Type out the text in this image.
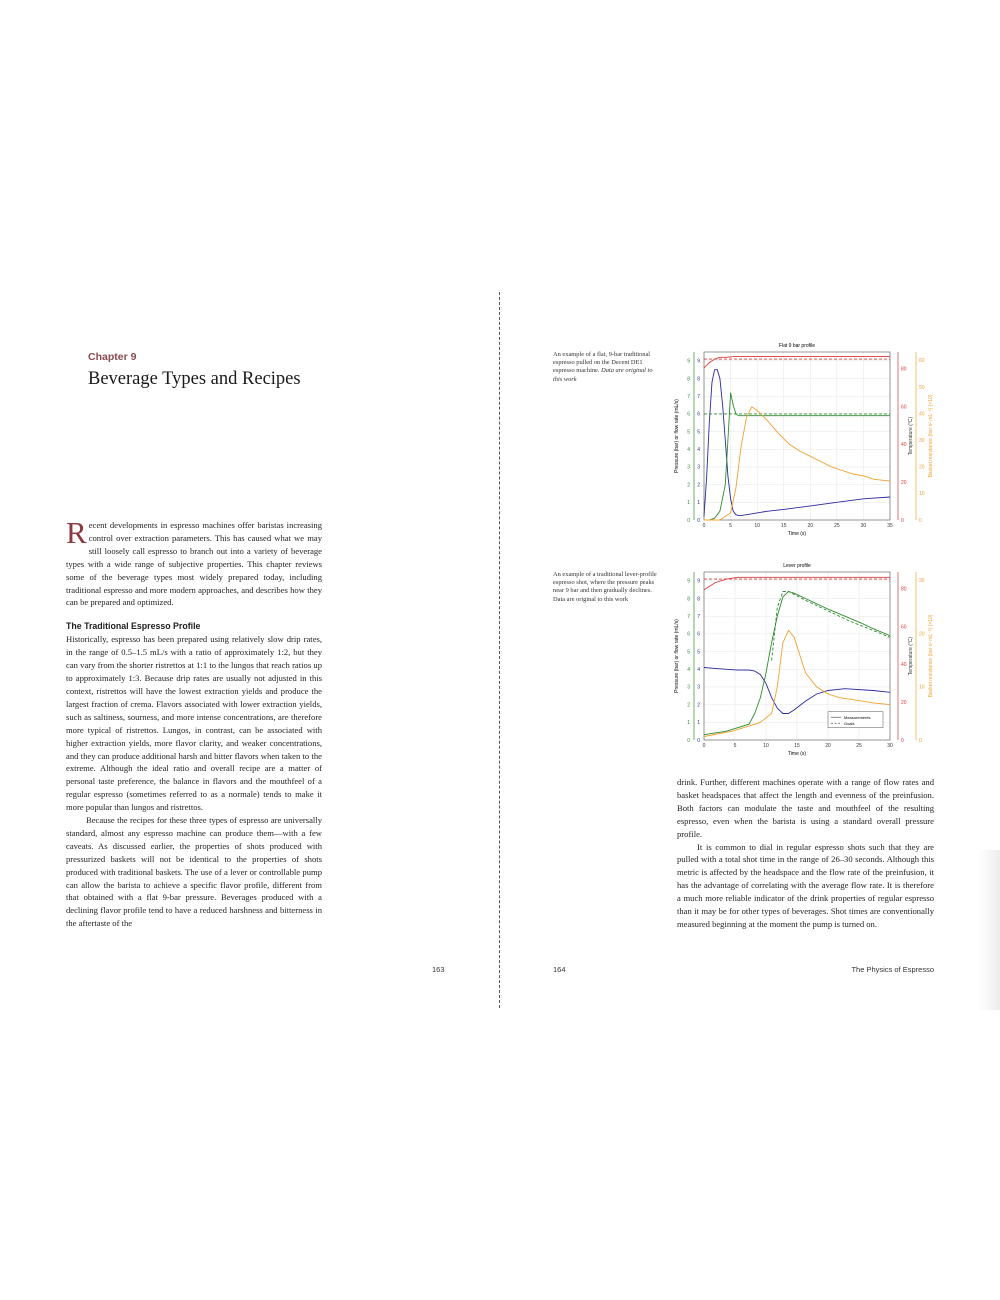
Chapter 9
Beverage Types and Recipes

Recent developments in espresso machines offer baristas increasing control over extraction parameters. This has caused what we may still loosely call espresso to branch out into a variety of beverage types with a wide range of subjective properties. This chapter reviews some of the beverage types most widely prepared today, including traditional espresso and more modern approaches, and describes how they can be prepared and optimized.

The Traditional Espresso Profile

Historically, espresso has been prepared using relatively slow drip rates, in the range of 0.5–1.5 mL/s with a ratio of approximately 1:2, but they can vary from the shorter ristrettos at 1:1 to the lungos that reach ratios up to approximately 1:3. Because drip rates are usually not adjusted in this context, ristrettos will have the lowest extraction yields and produce the largest fraction of crema. Flavors associated with lower extraction yields, such as saltiness, sourness, and more intense concentrations, are therefore more typical of ristrettos. Lungos, in contrast, can be associated with higher extraction yields, more flavor clarity, and weaker concentrations, and they can produce additional harsh and bitter flavors when taken to the extreme. Although the ideal ratio and overall recipe are a matter of personal taste preference, the balance in flavors and the mouthfeel of a regular espresso (sometimes referred to as a normale) tends to make it more popular than lungos and ristrettos.

Because the recipes for these three types of espresso are universally standard, almost any espresso machine can produce them—with a few caveats. As discussed earlier, the properties of shots produced with pressurized baskets will not be identical to the properties of shots produced with traditional baskets. The use of a lever or controllable pump can allow the barista to achieve a specific flavor profile, different from that obtained with a flat 9-bar pressure. Beverages produced with a declining flavor profile tend to have a reduced harshness and bitterness in the aftertaste of the

163
An example of a flat, 9-bar traditional espresso pulled on the Decent DE1 espresso machine. Data are original to this work
An example of a traditional lever-profile espresso shot, where the pressure peaks near 9 bar and then gradually declines. Data are original to this work
Flat 9 bar profile
0	5	10	15	20	25	30	35
0
0
1
1
2
2
3
3
4
4
5
5
6
6
7
7
8
8
9
9
0
20
40
60
80
0
10
20
30
40
50
60
Time (s)
Pressure (bar) or flow rate (mL/s)	Temperature (°C)	Basket resistance (bar s² mL⁻²) (×10)
Lever profile
0	5	10	15	20	25	30
0
0
1
1
2
2
3
3
4
4
5
5
6
6
7
7
8
8
9
9
0
20
40
60
80
0
10
20
30
Time (s)
Pressure (bar) or flow rate (mL/s)	Temperature (°C)	Basket resistance (bar s² mL⁻²) (×10)
Measurements
Goals

drink. Further, different machines operate with a range of flow rates and basket headspaces that affect the length and evenness of the preinfusion. Both factors can modulate the taste and mouthfeel of the resulting espresso, even when the barista is using a standard overall pressure profile.

It is common to dial in regular espresso shots such that they are pulled with a total shot time in the range of 26–30 seconds. Although this metric is affected by the headspace and the flow rate of the preinfusion, it has the advantage of correlating with the average flow rate. It is therefore a much more reliable indicator of the drink properties of regular espresso than it may be for other types of beverages. Shot times are conventionally measured beginning at the moment the pump is turned on.

164	The Physics of Espresso
